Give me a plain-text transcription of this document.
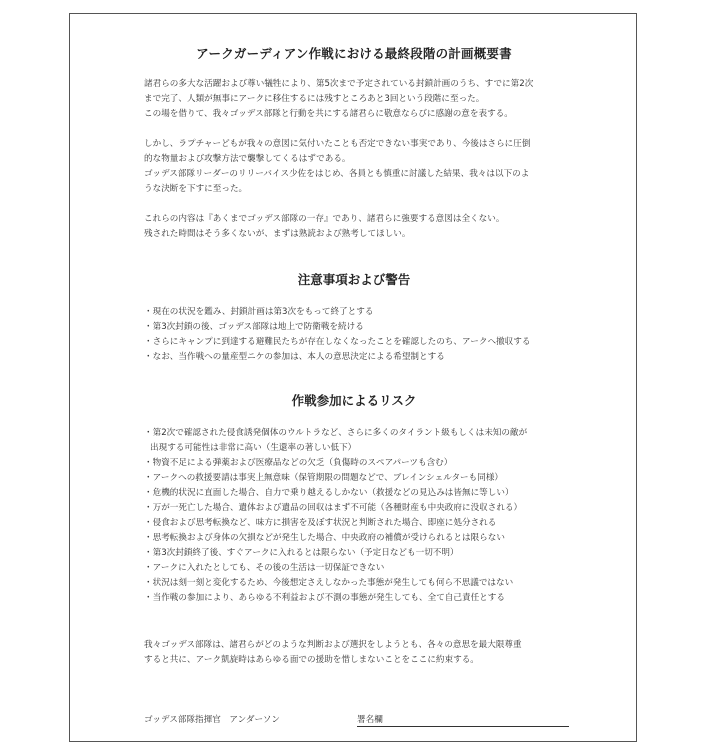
アークガーディアン作戦における最終段階の計画概要書

諸君らの多大な活躍および尊い犠牲により、第5次まで予定されている封鎖計画のうち、すでに第2次
まで完了、人類が無事にアークに移住するには残すところあと3回という段階に至った。
この場を借りて、我々ゴッデス部隊と行動を共にする諸君らに敬意ならびに感謝の意を表する。

しかし、ラプチャーどもが我々の意図に気付いたことも否定できない事実であり、今後はさらに圧倒
的な物量および攻撃方法で襲撃してくるはずである。
ゴッデス部隊リーダーのリリーバイス少佐をはじめ、各員とも慎重に討議した結果、我々は以下のよ
うな決断を下すに至った。

これらの内容は『あくまでゴッデス部隊の一存』であり、諸君らに強要する意図は全くない。
残された時間はそう多くないが、まずは熟読および熟考してほしい。

注意事項および警告
・現在の状況を鑑み、封鎖計画は第3次をもって終了とする
・第3次封鎖の後、ゴッデス部隊は地上で防衛戦を続ける
・さらにキャンプに到達する避難民たちが存在しなくなったことを確認したのち、アークへ撤収する
・なお、当作戦への量産型ニケの参加は、本人の意思決定による希望制とする
作戦参加によるリスク
・第2次で確認された侵食誘発個体のウルトラなど、さらに多くのタイラント級もしくは未知の敵が
出現する可能性は非常に高い（生還率の著しい低下）
・物資不足による弾薬および医療品などの欠乏（負傷時のスペアパーツも含む）
・アークへの救援要請は事実上無意味（保管期限の問題などで、ブレインシェルターも同様）
・危機的状況に直面した場合、自力で乗り越えるしかない（救援などの見込みは皆無に等しい）
・万が一死亡した場合、遺体および遺品の回収はまず不可能（各種財産も中央政府に没収される）
・侵食および思考転換など、味方に損害を及ぼす状況と判断された場合、即座に処分される
・思考転換および身体の欠損などが発生した場合、中央政府の補償が受けられるとは限らない
・第3次封鎖終了後、すぐアークに入れるとは限らない（予定日なども一切不明）
・アークに入れたとしても、その後の生活は一切保証できない
・状況は刻一刻と変化するため、今後想定さえしなかった事態が発生しても何ら不思議ではない
・当作戦の参加により、あらゆる不利益および不測の事態が発生しても、全て自己責任とする
我々ゴッデス部隊は、諸君らがどのような判断および選択をしようとも、各々の意思を最大限尊重
すると共に、アーク凱旋時はあらゆる面での援助を惜しまないことをここに約束する。
ゴッデス部隊指揮官　アンダーソン	署名欄
